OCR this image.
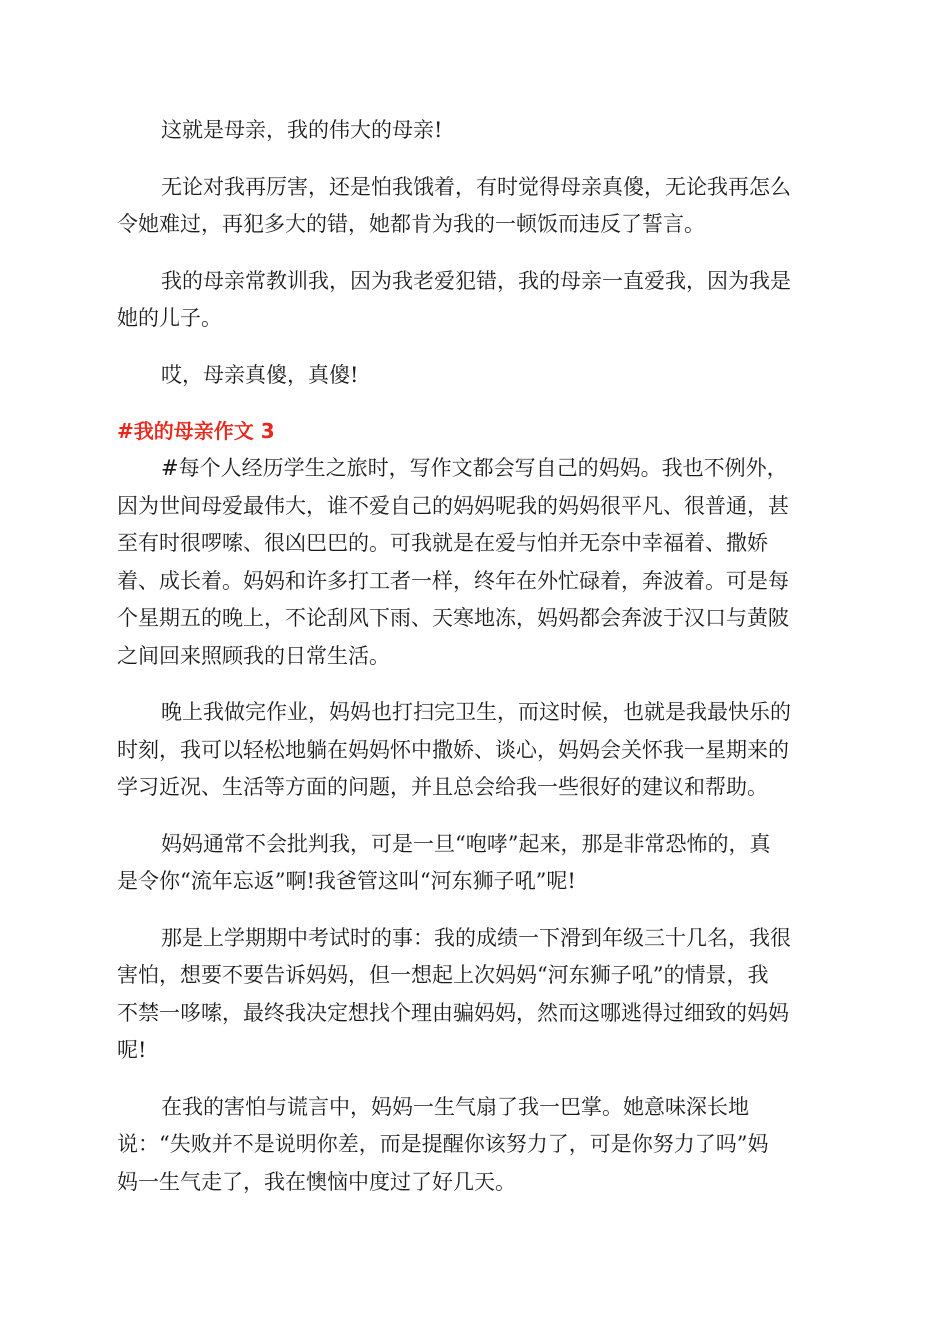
这就是母亲，我的伟大的母亲!

无论对我再厉害，还是怕我饿着，有时觉得母亲真傻，无论我再怎么
令她难过，再犯多大的错，她都肯为我的一顿饭而违反了誓言。

我的母亲常教训我，因为我老爱犯错，我的母亲一直爱我，因为我是
她的儿子。

哎，母亲真傻，真傻!

#我的母亲作文 3

#每个人经历学生之旅时，写作文都会写自己的妈妈。我也不例外，
因为世间母爱最伟大，谁不爱自己的妈妈呢我的妈妈很平凡、很普通，甚
至有时很啰嗦、很凶巴巴的。可我就是在爱与怕并无奈中幸福着、撒娇
着、成长着。妈妈和许多打工者一样，终年在外忙碌着，奔波着。可是每
个星期五的晚上，不论刮风下雨、天寒地冻，妈妈都会奔波于汉口与黄陂
之间回来照顾我的日常生活。

晚上我做完作业，妈妈也打扫完卫生，而这时候，也就是我最快乐的
时刻，我可以轻松地躺在妈妈怀中撒娇、谈心，妈妈会关怀我一星期来的
学习近况、生活等方面的问题，并且总会给我一些很好的建议和帮助。

妈妈通常不会批判我，可是一旦“咆哮”起来，那是非常恐怖的，真
是令你“流年忘返”啊!我爸管这叫“河东狮子吼”呢!

那是上学期期中考试时的事：我的成绩一下滑到年级三十几名，我很
害怕，想要不要告诉妈妈，但一想起上次妈妈“河东狮子吼”的情景，我
不禁一哆嗦，最终我决定想找个理由骗妈妈，然而这哪逃得过细致的妈妈
呢!

在我的害怕与谎言中，妈妈一生气扇了我一巴掌。她意味深长地
说：“失败并不是说明你差，而是提醒你该努力了，可是你努力了吗”妈
妈一生气走了，我在懊恼中度过了好几天。
